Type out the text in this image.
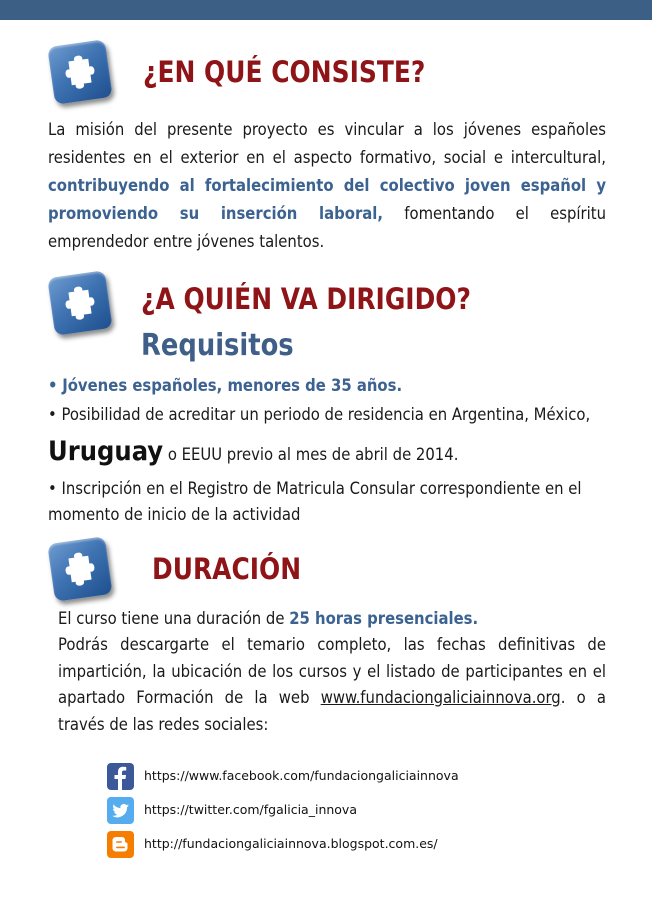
¿EN QUÉ CONSISTE?
La misión del presente proyecto es vincular a los jóvenes españoles residentes en el exterior en el aspecto formativo, social e intercultural, contribuyendo al fortalecimiento del colectivo joven español y promoviendo su inserción laboral, fomentando el espíritu emprendedor entre jóvenes talentos.
¿A QUIÉN VA DIRIGIDO?
Requisitos
• Jóvenes españoles, menores de 35 años.
• Posibilidad de acreditar un periodo de residencia en Argentina, México,
Uruguay o EEUU previo al mes de abril de 2014.
• Inscripción en el Registro de Matricula Consular correspondiente en el
momento de inicio de la actividad
DURACIÓN
El curso tiene una duración de 25 horas presenciales.
Podrás descargarte el temario completo, las fechas definitivas de impartición, la ubicación de los cursos y el listado de participantes en el apartado Formación de la web www.fundaciongaliciainnova.org. o a través de las redes sociales:
https://www.facebook.com/fundaciongaliciainnova
https://twitter.com/fgalicia_innova
http://fundaciongaliciainnova.blogspot.com.es/
